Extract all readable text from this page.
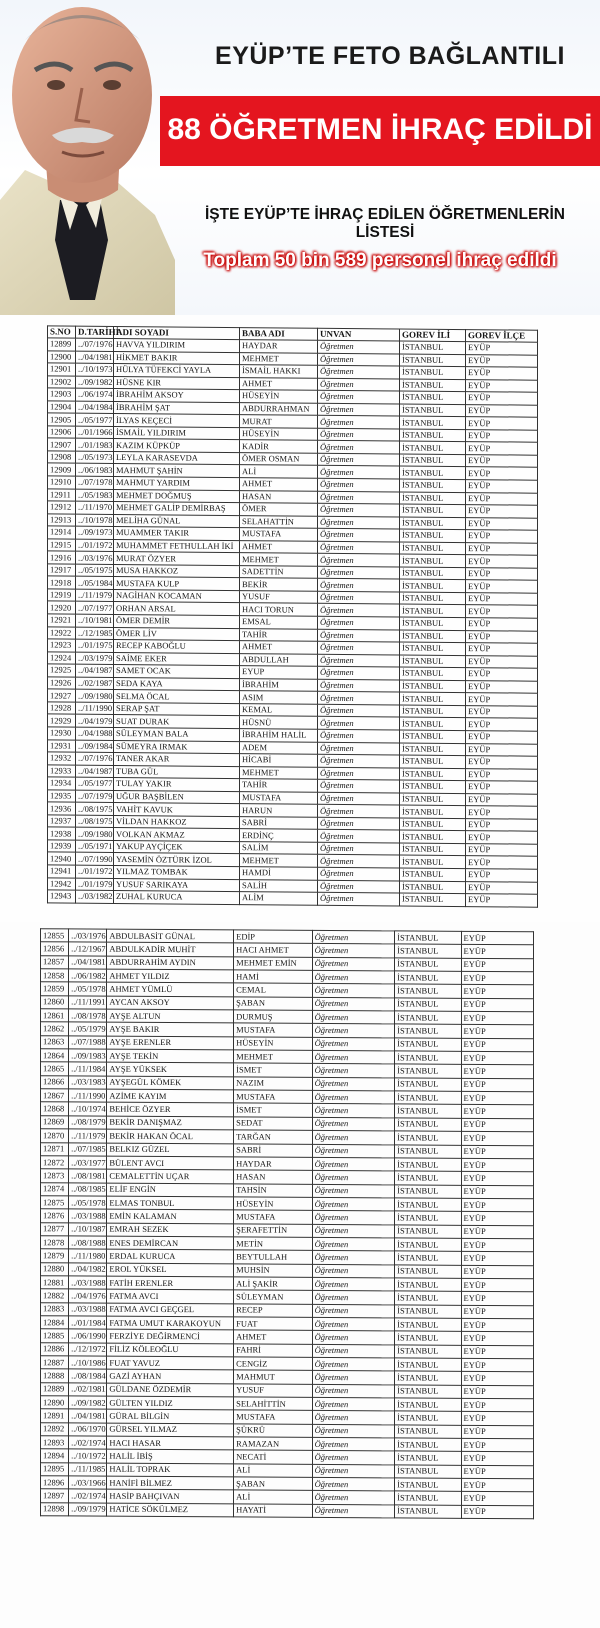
EYÜP’TE FETO BAĞLANTILI
88 ÖĞRETMEN İHRAÇ EDİLDİ
İŞTE EYÜP’TE İHRAÇ EDİLEN ÖĞRETMENLERİN LİSTESİ
Toplam 50 bin 589 personel ihraç edildi
S.NO	D.TARİHİ	ADI SOYADI	BABA ADI	UNVAN	GOREV İLİ	GOREV İLÇE
12899	../07/1976	HAVVA YILDIRIM	HAYDAR	Öğretmen	İSTANBUL	EYÜP
12900	../04/1981	HİKMET BAKIR	MEHMET	Öğretmen	İSTANBUL	EYÜP
12901	../10/1973	HÜLYA TÜFEKCİ YAYLA	İSMAİL HAKKI	Öğretmen	İSTANBUL	EYÜP
12902	../09/1982	HÜSNE KIR	AHMET	Öğretmen	İSTANBUL	EYÜP
12903	../06/1974	İBRAHİM AKSOY	HÜSEYİN	Öğretmen	İSTANBUL	EYÜP
12904	../04/1984	İBRAHİM ŞAT	ABDURRAHMAN	Öğretmen	İSTANBUL	EYÜP
12905	../05/1977	İLYAS KEÇECİ	MURAT	Öğretmen	İSTANBUL	EYÜP
12906	../01/1966	İSMAİL YILDIRIM	HÜSEYİN	Öğretmen	İSTANBUL	EYÜP
12907	../01/1983	KAZIM KÜPKÜP	KADİR	Öğretmen	İSTANBUL	EYÜP
12908	../05/1973	LEYLA KARASEVDA	ÖMER OSMAN	Öğretmen	İSTANBUL	EYÜP
12909	../06/1983	MAHMUT ŞAHİN	ALİ	Öğretmen	İSTANBUL	EYÜP
12910	../07/1978	MAHMUT YARDIM	AHMET	Öğretmen	İSTANBUL	EYÜP
12911	../05/1983	MEHMET DOĞMUŞ	HASAN	Öğretmen	İSTANBUL	EYÜP
12912	../11/1970	MEHMET GALİP DEMİRBAŞ	ÖMER	Öğretmen	İSTANBUL	EYÜP
12913	../10/1978	MELİHA GÜNAL	SELAHATTİN	Öğretmen	İSTANBUL	EYÜP
12914	../09/1973	MUAMMER TAKIR	MUSTAFA	Öğretmen	İSTANBUL	EYÜP
12915	../01/1972	MUHAMMET FETHULLAH İKİ	AHMET	Öğretmen	İSTANBUL	EYÜP
12916	../03/1976	MURAT ÖZYER	MEHMET	Öğretmen	İSTANBUL	EYÜP
12917	../05/1975	MUSA HAKKOZ	SADETTİN	Öğretmen	İSTANBUL	EYÜP
12918	../05/1984	MUSTAFA KULP	BEKİR	Öğretmen	İSTANBUL	EYÜP
12919	../11/1979	NAGİHAN KOCAMAN	YUSUF	Öğretmen	İSTANBUL	EYÜP
12920	../07/1977	ORHAN ARSAL	HACI TORUN	Öğretmen	İSTANBUL	EYÜP
12921	../10/1981	ÖMER DEMİR	EMSAL	Öğretmen	İSTANBUL	EYÜP
12922	../12/1985	ÖMER LİV	TAHİR	Öğretmen	İSTANBUL	EYÜP
12923	../01/1975	RECEP KABOĞLU	AHMET	Öğretmen	İSTANBUL	EYÜP
12924	../03/1979	SAİME EKER	ABDULLAH	Öğretmen	İSTANBUL	EYÜP
12925	../04/1987	SAMET OCAK	EYUP	Öğretmen	İSTANBUL	EYÜP
12926	../02/1987	SEDA KAYA	İBRAHİM	Öğretmen	İSTANBUL	EYÜP
12927	../09/1980	SELMA ÖCAL	ASIM	Öğretmen	İSTANBUL	EYÜP
12928	../11/1990	SERAP ŞAT	KEMAL	Öğretmen	İSTANBUL	EYÜP
12929	../04/1979	SUAT DURAK	HÜSNÜ	Öğretmen	İSTANBUL	EYÜP
12930	../04/1988	SÜLEYMAN BALA	İBRAHİM HALİL	Öğretmen	İSTANBUL	EYÜP
12931	../09/1984	SÜMEYRA IRMAK	ADEM	Öğretmen	İSTANBUL	EYÜP
12932	../07/1976	TANER AKAR	HİCABİ	Öğretmen	İSTANBUL	EYÜP
12933	../04/1987	TUBA GÜL	MEHMET	Öğretmen	İSTANBUL	EYÜP
12934	../05/1977	TULAY YAKIR	TAHİR	Öğretmen	İSTANBUL	EYÜP
12935	../07/1979	UĞUR BAŞBİLEN	MUSTAFA	Öğretmen	İSTANBUL	EYÜP
12936	../08/1975	VAHİT KAVUK	HARUN	Öğretmen	İSTANBUL	EYÜP
12937	../08/1975	VİLDAN HAKKOZ	SABRİ	Öğretmen	İSTANBUL	EYÜP
12938	../09/1980	VOLKAN AKMAZ	ERDİNÇ	Öğretmen	İSTANBUL	EYÜP
12939	../05/1971	YAKUP AYÇİÇEK	SALİM	Öğretmen	İSTANBUL	EYÜP
12940	../07/1990	YASEMİN ÖZTÜRK İZOL	MEHMET	Öğretmen	İSTANBUL	EYÜP
12941	../01/1972	YILMAZ TOMBAK	HAMDİ	Öğretmen	İSTANBUL	EYÜP
12942	../01/1979	YUSUF SARIKAYA	SALİH	Öğretmen	İSTANBUL	EYÜP
12943	../03/1982	ZUHAL KURUCA	ALİM	Öğretmen	İSTANBUL	EYÜP
12855	../03/1976	ABDULBASİT GÜNAL	EDİP	Öğretmen	İSTANBUL	EYÜP
12856	../12/1967	ABDULKADİR MUHİT	HACI AHMET	Öğretmen	İSTANBUL	EYÜP
12857	../04/1981	ABDURRAHİM AYDIN	MEHMET EMİN	Öğretmen	İSTANBUL	EYÜP
12858	../06/1982	AHMET YILDIZ	HAMİ	Öğretmen	İSTANBUL	EYÜP
12859	../05/1978	AHMET YÜMLÜ	CEMAL	Öğretmen	İSTANBUL	EYÜP
12860	../11/1991	AYCAN AKSOY	ŞABAN	Öğretmen	İSTANBUL	EYÜP
12861	../08/1978	AYŞE ALTUN	DURMUŞ	Öğretmen	İSTANBUL	EYÜP
12862	../05/1979	AYŞE BAKIR	MUSTAFA	Öğretmen	İSTANBUL	EYÜP
12863	../07/1988	AYŞE ERENLER	HÜSEYİN	Öğretmen	İSTANBUL	EYÜP
12864	../09/1983	AYŞE TEKİN	MEHMET	Öğretmen	İSTANBUL	EYÜP
12865	../11/1984	AYŞE YÜKSEK	İSMET	Öğretmen	İSTANBUL	EYÜP
12866	../03/1983	AYŞEGÜL KÖMEK	NAZIM	Öğretmen	İSTANBUL	EYÜP
12867	../11/1990	AZİME KAYIM	MUSTAFA	Öğretmen	İSTANBUL	EYÜP
12868	../10/1974	BEHİCE ÖZYER	İSMET	Öğretmen	İSTANBUL	EYÜP
12869	../08/1979	BEKİR DANIŞMAZ	SEDAT	Öğretmen	İSTANBUL	EYÜP
12870	../11/1979	BEKİR HAKAN ÖCAL	TARĞAN	Öğretmen	İSTANBUL	EYÜP
12871	../07/1985	BELKIZ GÜZEL	SABRİ	Öğretmen	İSTANBUL	EYÜP
12872	../03/1977	BÜLENT AVCI	HAYDAR	Öğretmen	İSTANBUL	EYÜP
12873	../08/1981	CEMALETTİN UÇAR	HASAN	Öğretmen	İSTANBUL	EYÜP
12874	../08/1985	ELİF ENGİN	TAHSİN	Öğretmen	İSTANBUL	EYÜP
12875	../05/1978	ELMAS TONBUL	HÜSEYİN	Öğretmen	İSTANBUL	EYÜP
12876	../03/1988	EMİN KALAMAN	MUSTAFA	Öğretmen	İSTANBUL	EYÜP
12877	../10/1987	EMRAH SEZEK	ŞERAFETTİN	Öğretmen	İSTANBUL	EYÜP
12878	../08/1988	ENES DEMİRCAN	METİN	Öğretmen	İSTANBUL	EYÜP
12879	../11/1980	ERDAL KURUCA	BEYTULLAH	Öğretmen	İSTANBUL	EYÜP
12880	../04/1982	EROL YÜKSEL	MUHSİN	Öğretmen	İSTANBUL	EYÜP
12881	../03/1988	FATİH ERENLER	ALİ ŞAKİR	Öğretmen	İSTANBUL	EYÜP
12882	../04/1976	FATMA AVCI	SÜLEYMAN	Öğretmen	İSTANBUL	EYÜP
12883	../03/1988	FATMA AVCI GEÇGEL	RECEP	Öğretmen	İSTANBUL	EYÜP
12884	../01/1984	FATMA UMUT KARAKOYUN	FUAT	Öğretmen	İSTANBUL	EYÜP
12885	../06/1990	FERZİYE DEĞİRMENCİ	AHMET	Öğretmen	İSTANBUL	EYÜP
12886	../12/1972	FİLİZ KÖLEOĞLU	FAHRİ	Öğretmen	İSTANBUL	EYÜP
12887	../10/1986	FUAT YAVUZ	CENGİZ	Öğretmen	İSTANBUL	EYÜP
12888	../08/1984	GAZİ AYHAN	MAHMUT	Öğretmen	İSTANBUL	EYÜP
12889	../02/1981	GÜLDANE ÖZDEMİR	YUSUF	Öğretmen	İSTANBUL	EYÜP
12890	../09/1982	GÜLTEN YILDIZ	SELAHİTTİN	Öğretmen	İSTANBUL	EYÜP
12891	../04/1981	GÜRAL BİLGİN	MUSTAFA	Öğretmen	İSTANBUL	EYÜP
12892	../06/1970	GÜRSEL YILMAZ	ŞÜKRÜ	Öğretmen	İSTANBUL	EYÜP
12893	../02/1974	HACI HASAR	RAMAZAN	Öğretmen	İSTANBUL	EYÜP
12894	../10/1972	HALİL İBİŞ	NECATİ	Öğretmen	İSTANBUL	EYÜP
12895	../11/1985	HALİL TOPRAK	ALİ	Öğretmen	İSTANBUL	EYÜP
12896	../03/1966	HANİFİ BİLMEZ	ŞABAN	Öğretmen	İSTANBUL	EYÜP
12897	../02/1974	HASİP BAHÇIVAN	ALİ	Öğretmen	İSTANBUL	EYÜP
12898	../09/1979	HATİCE SÖKÜLMEZ	HAYATİ	Öğretmen	İSTANBUL	EYÜP
